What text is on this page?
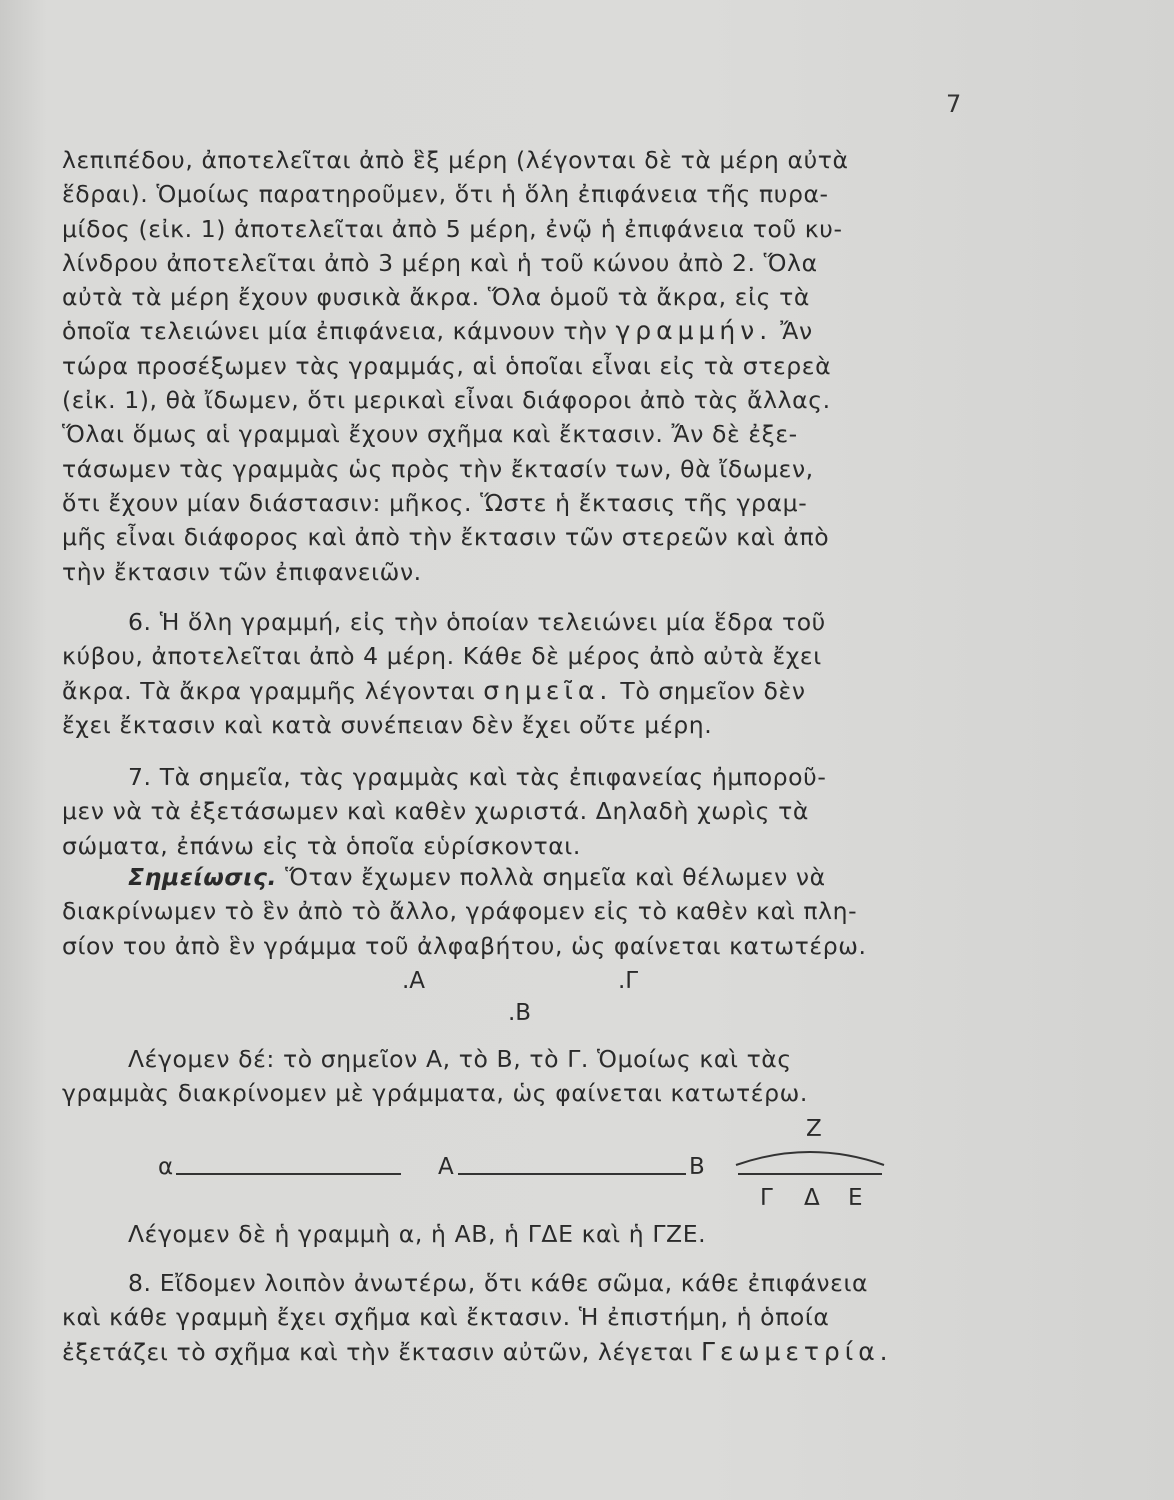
7
λεπιπέδου, ἀποτελεῖται ἀπὸ ἓξ μέρη (λέγονται δὲ τὰ μέρη αὐτὰ
ἕδραι). Ὁμοίως παρατηροῦμεν, ὅτι ἡ ὅλη ἐπιφάνεια τῆς πυρα-
μίδος (εἰκ. 1) ἀποτελεῖται ἀπὸ 5 μέρη, ἐνῷ ἡ ἐπιφάνεια τοῦ κυ-
λίνδρου ἀποτελεῖται ἀπὸ 3 μέρη καὶ ἡ τοῦ κώνου ἀπὸ 2. Ὅλα
αὐτὰ τὰ μέρη ἔχουν φυσικὰ ἄκρα. Ὅλα ὁμοῦ τὰ ἄκρα, εἰς τὰ
ὁποῖα τελειώνει μία ἐπιφάνεια, κάμνουν τὴν γραμμήν. Ἄν
τώρα προσέξωμεν τὰς γραμμάς, αἱ ὁποῖαι εἶναι εἰς τὰ στερεὰ
(εἰκ. 1), θὰ ἴδωμεν, ὅτι μερικαὶ εἶναι διάφοροι ἀπὸ τὰς ἄλλας.
Ὅλαι ὅμως αἱ γραμμαὶ ἔχουν σχῆμα καὶ ἔκτασιν. Ἄν δὲ ἐξε-
τάσωμεν τὰς γραμμὰς ὡς πρὸς τὴν ἔκτασίν των, θὰ ἴδωμεν,
ὅτι ἔχουν μίαν διάστασιν: μῆκος. Ὥστε ἡ ἔκτασις τῆς γραμ-
μῆς εἶναι διάφορος καὶ ἀπὸ τὴν ἔκτασιν τῶν στερεῶν καὶ ἀπὸ
τὴν ἔκτασιν τῶν ἐπιφανειῶν.
6. Ἡ ὅλη γραμμή, εἰς τὴν ὁποίαν τελειώνει μία ἕδρα τοῦ
κύβου, ἀποτελεῖται ἀπὸ 4 μέρη. Κάθε δὲ μέρος ἀπὸ αὐτὰ ἔχει
ἄκρα. Τὰ ἄκρα γραμμῆς λέγονται σημεῖα. Τὸ σημεῖον δὲν
ἔχει ἔκτασιν καὶ κατὰ συνέπειαν δὲν ἔχει οὔτε μέρη.
7. Τὰ σημεῖα, τὰς γραμμὰς καὶ τὰς ἐπιφανείας ἠμποροῦ-
μεν νὰ τὰ ἐξετάσωμεν καὶ καθὲν χωριστά. Δηλαδὴ χωρὶς τὰ
σώματα, ἐπάνω εἰς τὰ ὁποῖα εὑρίσκονται.
Σημείωσις. Ὅταν ἔχωμεν πολλὰ σημεῖα καὶ θέλωμεν νὰ
διακρίνωμεν τὸ ἓν ἀπὸ τὸ ἄλλο, γράφομεν εἰς τὸ καθὲν καὶ πλη-
σίον του ἀπὸ ἓν γράμμα τοῦ ἀλφαβήτου, ὡς φαίνεται κατωτέρω.
.Α	.Γ
.Β
Λέγομεν δέ: τὸ σημεῖον Α, τὸ Β, τὸ Γ. Ὁμοίως καὶ τὰς
γραμμὰς διακρίνομεν μὲ γράμματα, ὡς φαίνεται κατωτέρω.
α	Α	Β
Ζ
Γ Δ Ε
Λέγομεν δὲ ἡ γραμμὴ α, ἡ ΑΒ, ἡ ΓΔΕ καὶ ἡ ΓΖΕ.
8. Εἴδομεν λοιπὸν ἀνωτέρω, ὅτι κάθε σῶμα, κάθε ἐπιφάνεια
καὶ κάθε γραμμὴ ἔχει σχῆμα καὶ ἔκτασιν. Ἡ ἐπιστήμη, ἡ ὁποία
ἐξετάζει τὸ σχῆμα καὶ τὴν ἔκτασιν αὐτῶν, λέγεται Γεωμετρία.
